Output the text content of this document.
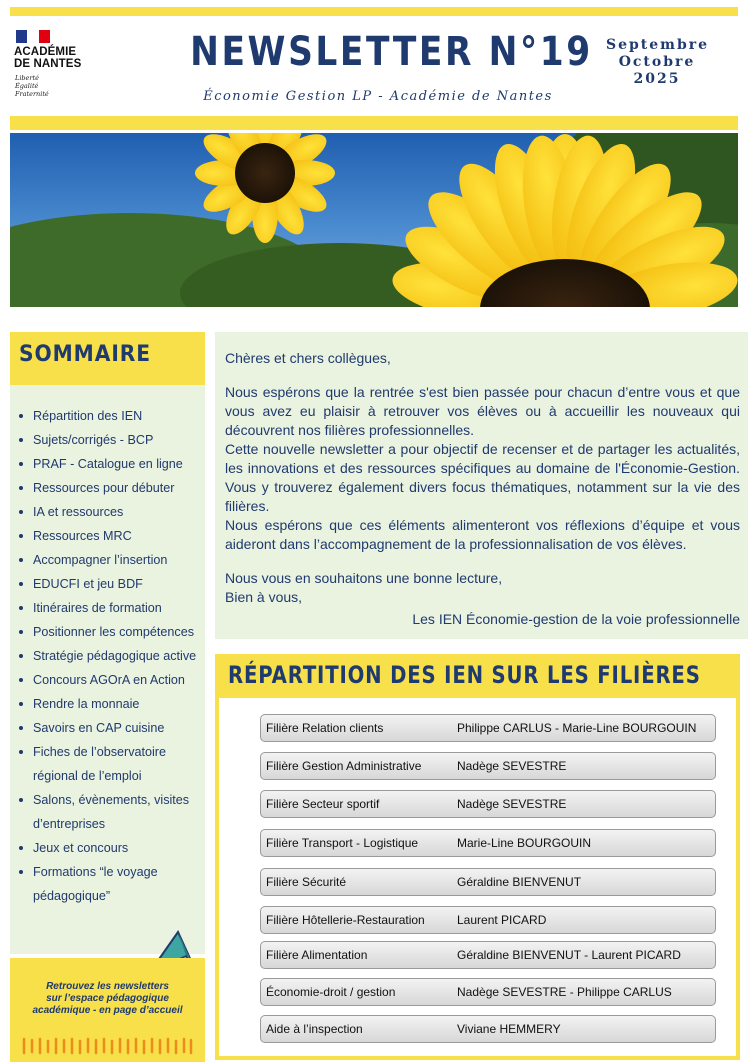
ACADÉMIE
DE NANTES
Liberté
Égalité
Fraternité
NEWSLETTER N°19
Économie Gestion LP - Académie de Nantes
Septembre
Octobre
2025
SOMMAIRE
Répartition des IEN
Sujets/corrigés - BCP
PRAF - Catalogue en ligne
Ressources pour débuter
IA et ressources
Ressources MRC
Accompagner l’insertion
EDUCFI et jeu BDF
Itinéraires de formation
Positionner les compétences
Stratégie pédagogique active
Concours AGOrA en Action
Rendre la monnaie
Savoirs en CAP cuisine
Fiches de l’observatoire régional de l’emploi
Salons, évènements, visites d’entreprises
Jeux et concours
Formations “le voyage pédagogique”
Retrouvez les newsletters
sur l’espace pédagogique
académique - en page d’accueil

Chères et chers collègues,

Nous espérons que la rentrée s'est bien passée pour chacun d’entre vous et que vous avez eu plaisir à retrouver vos élèves ou à accueillir les nouveaux qui découvrent nos filières professionnelles.

Cette nouvelle newsletter a pour objectif de recenser et de partager les actualités, les innovations et des ressources spécifiques au domaine de l'Économie-Gestion. Vous y trouverez également divers focus thématiques, notamment sur la vie des filières.

Nous espérons que ces éléments alimenteront vos réflexions d’équipe et vous aideront dans l’accompagnement de la professionnalisation de vos élèves.

Nous vous en souhaitons une bonne lecture,

Bien à vous,

Les IEN Économie-gestion de la voie professionnelle

RÉPARTITION DES IEN SUR LES FILIÈRES
Filière Relation clients	Philippe CARLUS - Marie-Line BOURGOUIN
Filière Gestion Administrative	Nadège SEVESTRE
Filière Secteur sportif	Nadège SEVESTRE
Filière Transport - Logistique	Marie-Line BOURGOUIN
Filière Sécurité	Géraldine BIENVENUT
Filière Hôtellerie-Restauration	Laurent PICARD
Filière Alimentation	Géraldine BIENVENUT - Laurent PICARD
Économie-droit / gestion	Nadège SEVESTRE - Philippe CARLUS
Aide à l’inspection	Viviane HEMMERY
